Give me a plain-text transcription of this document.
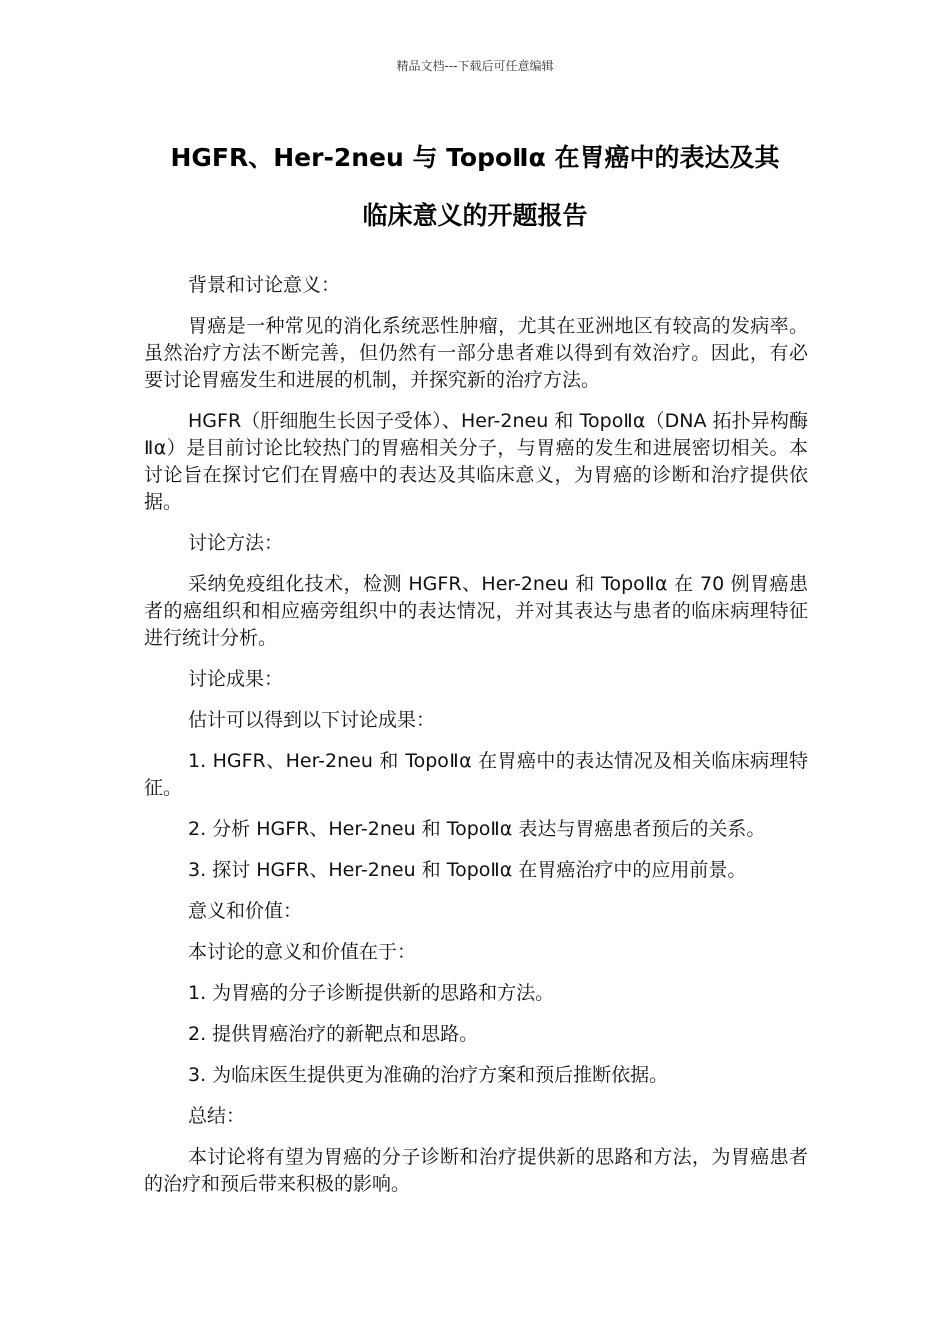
精品文档---下载后可任意编辑
HGFR、Her-2neu 与 TopoⅡα 在胃癌中的表达及其
临床意义的开题报告

背景和讨论意义：

胃癌是一种常见的消化系统恶性肿瘤，尤其在亚洲地区有较高的发病率。虽然治疗方法不断完善，但仍然有一部分患者难以得到有效治疗。因此，有必要讨论胃癌发生和进展的机制，并探究新的治疗方法。

HGFR（肝细胞生长因子受体）、Her-2neu 和 TopoⅡα（DNA 拓扑异构酶Ⅱα）是目前讨论比较热门的胃癌相关分子，与胃癌的发生和进展密切相关。本讨论旨在探讨它们在胃癌中的表达及其临床意义，为胃癌的诊断和治疗提供依据。

讨论方法：

采纳免疫组化技术，检测 HGFR、Her-2neu 和 TopoⅡα 在 70 例胃癌患者的癌组织和相应癌旁组织中的表达情况，并对其表达与患者的临床病理特征进行统计分析。

讨论成果：

估计可以得到以下讨论成果：

1. HGFR、Her-2neu 和 TopoⅡα 在胃癌中的表达情况及相关临床病理特征。

2. 分析 HGFR、Her-2neu 和 TopoⅡα 表达与胃癌患者预后的关系。

3. 探讨 HGFR、Her-2neu 和 TopoⅡα 在胃癌治疗中的应用前景。

意义和价值：

本讨论的意义和价值在于：

1. 为胃癌的分子诊断提供新的思路和方法。

2. 提供胃癌治疗的新靶点和思路。

3. 为临床医生提供更为准确的治疗方案和预后推断依据。

总结：

本讨论将有望为胃癌的分子诊断和治疗提供新的思路和方法，为胃癌患者的治疗和预后带来积极的影响。
